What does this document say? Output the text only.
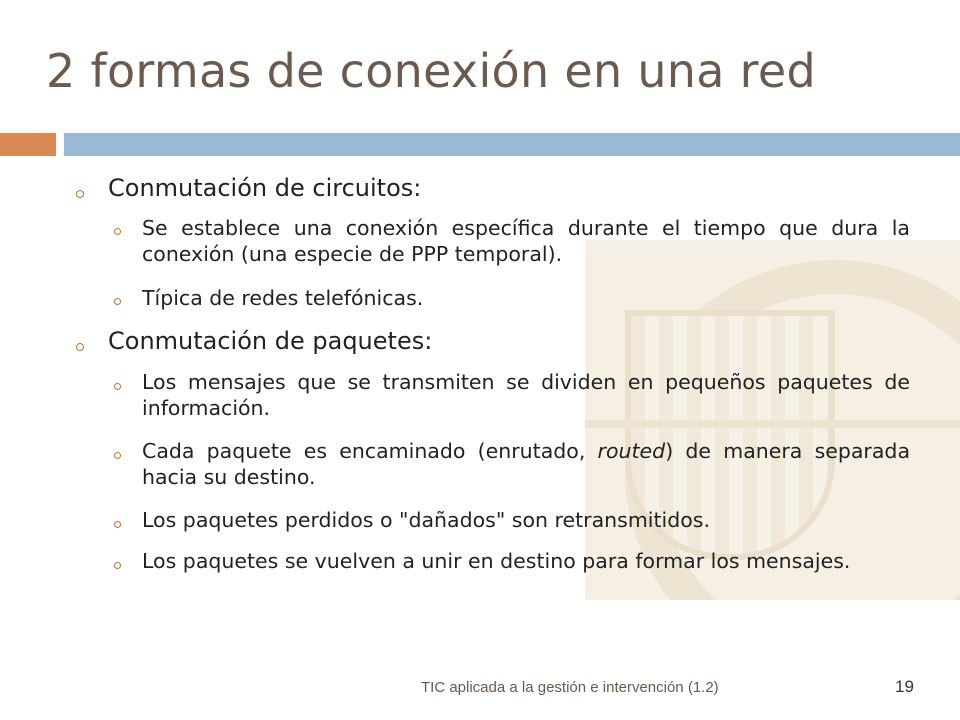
2 formas de conexión en una red

Conmutación de circuitos:

Se establece una conexión específica durante el tiempo que dura la conexión (una especie de PPP temporal).

Típica de redes telefónicas.

Conmutación de paquetes:

Los mensajes que se transmiten se dividen en pequeños paquetes de información.

Cada paquete es encaminado (enrutado, routed) de manera separada hacia su destino.

Los paquetes perdidos o "dañados" son retransmitidos.

Los paquetes se vuelven a unir en destino para formar los mensajes.

TIC aplicada a la gestión e intervención (1.2)	19
